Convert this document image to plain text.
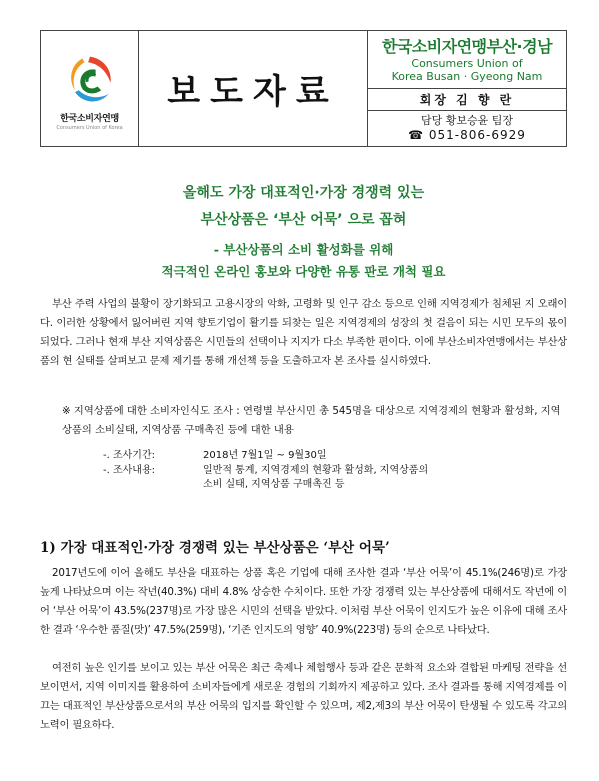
한국소비자연맹
Consumers Union of Korea
보도자료
한국소비자연맹부산·경남
Consumers Union of
Korea Busan · Gyeong Nam
회장 김 향 란
담당 황보승윤 팀장
☎ 051-806-6929
올해도 가장 대표적인·가장 경쟁력 있는
부산상품은 ‘부산 어묵’ 으로 꼽혀
- 부산상품의 소비 활성화를 위해
적극적인 온라인 홍보와 다양한 유통 판로 개척 필요
부산 주력 사업의 불황이 장기화되고 고용시장의 악화, 고령화 및 인구 감소 등으로 인해 지역경제가 침체된 지 오래이다. 이러한 상황에서 잃어버린 지역 향토기업이 활기를 되찾는 일은 지역경제의 성장의 첫 걸음이 되는 시민 모두의 몫이 되었다. 그러나 현재 부산 지역상품은 시민들의 선택이나 지지가 다소 부족한 편이다. 이에 부산소비자연맹에서는 부산상품의 현 실태를 살펴보고 문제 제기를 통해 개선책 등을 도출하고자 본 조사를 실시하였다.
※ 지역상품에 대한 소비자인식도 조사 : 연령별 부산시민 총 545명을 대상으로 지역경제의 현황과 활성화, 지역상품의 소비실태, 지역상품 구매촉진 등에 대한 내용
-. 조사기간:	2018년 7월1일 ~ 9월30일
-. 조사내용:	일반적 통계, 지역경제의 현황과 활성화, 지역상품의
소비 실태, 지역상품 구매촉진 등
1) 가장 대표적인·가장 경쟁력 있는 부산상품은 ‘부산 어묵’
2017년도에 이어 올해도 부산을 대표하는 상품 혹은 기업에 대해 조사한 결과 ‘부산 어묵’이 45.1%(246명)로 가장 높게 나타났으며 이는 작년(40.3%) 대비 4.8% 상승한 수치이다. 또한 가장 경쟁력 있는 부산상품에 대해서도 작년에 이어 ‘부산 어묵’이 43.5%(237명)로 가장 많은 시민의 선택을 받았다. 이처럼 부산 어묵이 인지도가 높은 이유에 대해 조사한 결과 ‘우수한 품질(맛)’ 47.5%(259명), ‘기존 인지도의 영향’ 40.9%(223명) 등의 순으로 나타났다.
여전히 높은 인기를 보이고 있는 부산 어묵은 최근 축제나 체험행사 등과 같은 문화적 요소와 결합된 마케팅 전략을 선보이면서, 지역 이미지를 활용하여 소비자들에게 새로운 경험의 기회까지 제공하고 있다. 조사 결과를 통해 지역경제를 이끄는 대표적인 부산상품으로서의 부산 어묵의 입지를 확인할 수 있으며, 제2,제3의 부산 어묵이 탄생될 수 있도록 각고의 노력이 필요하다.
